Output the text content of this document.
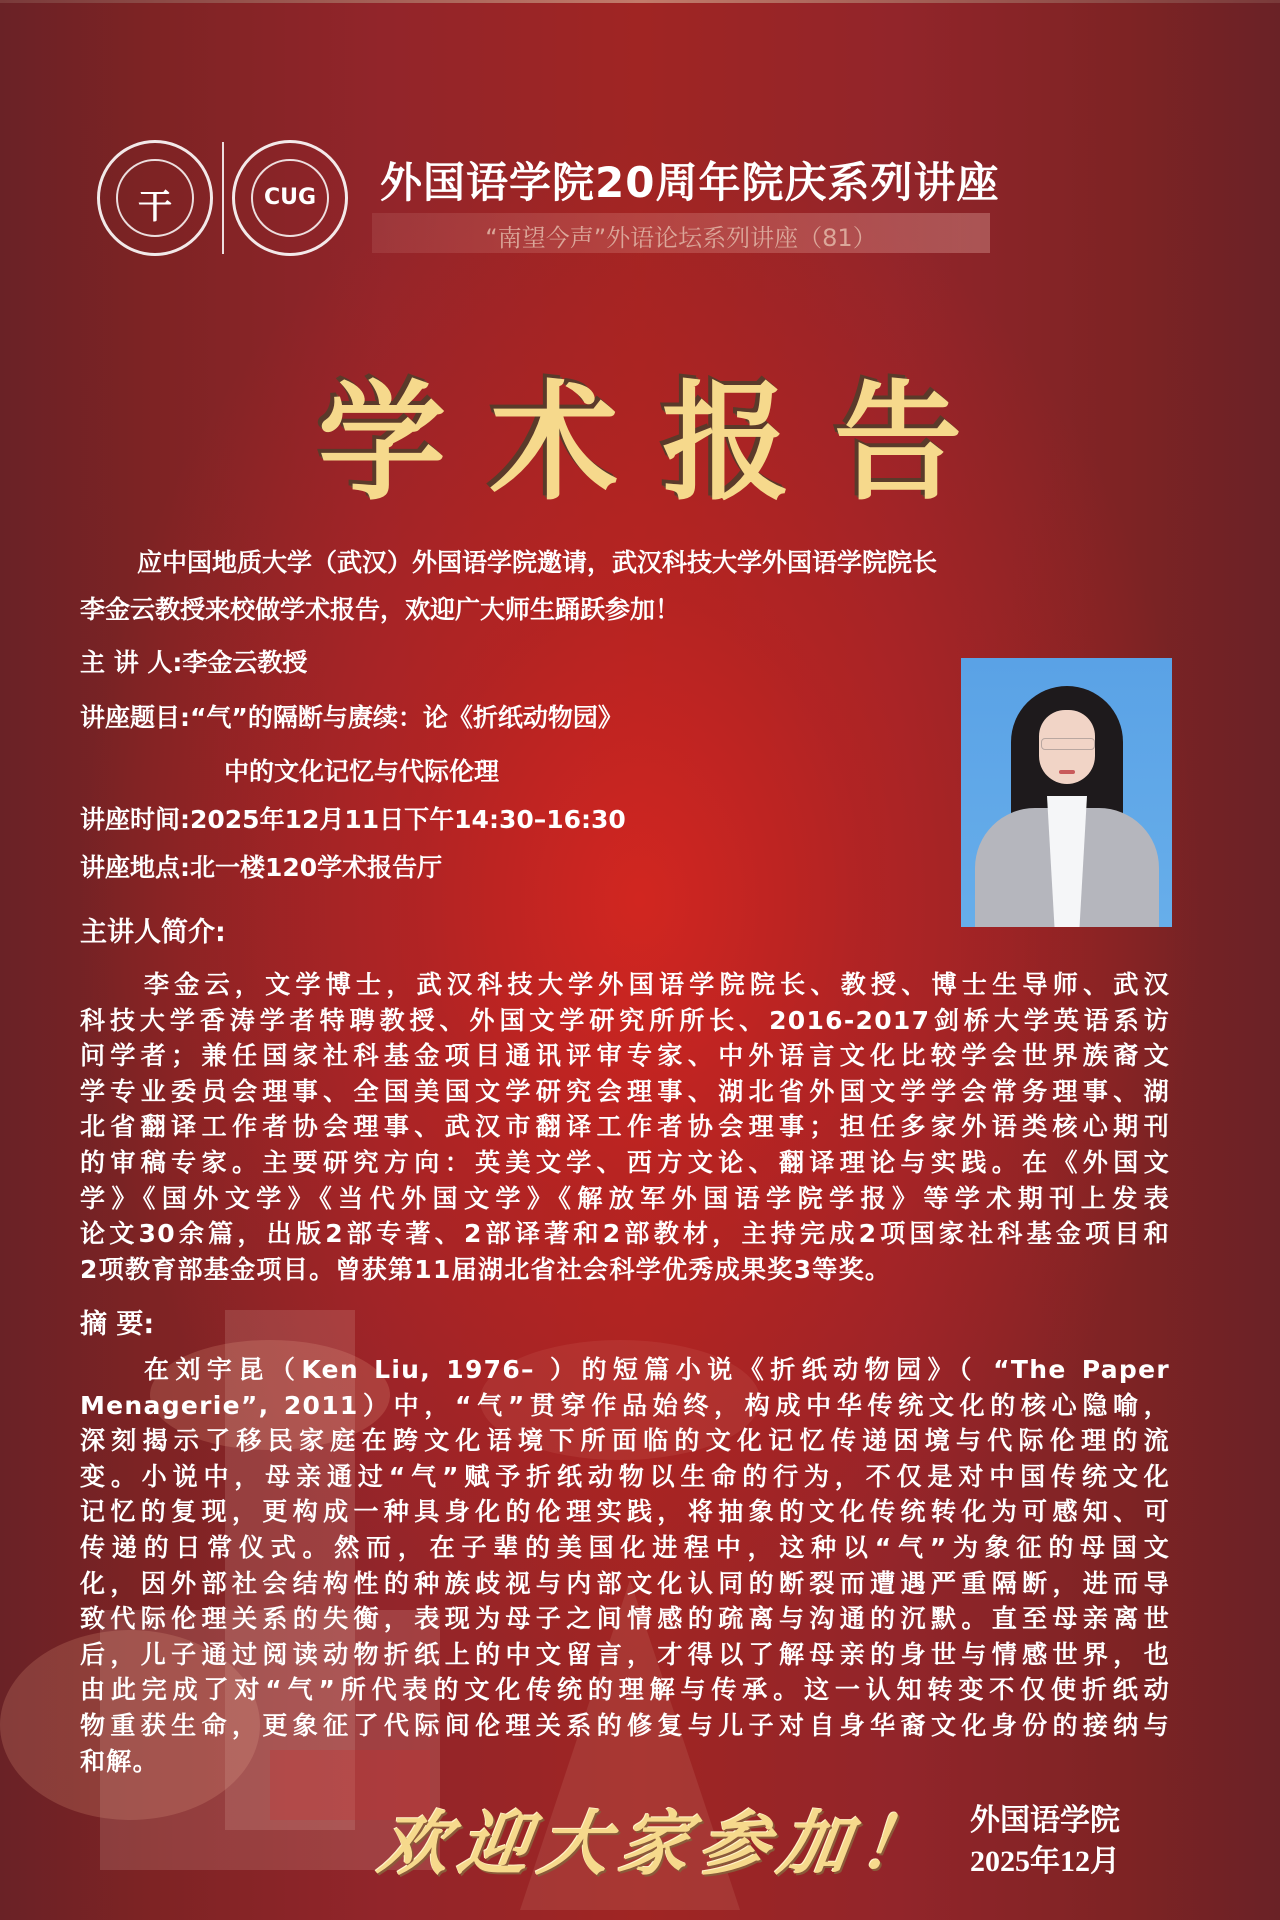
干	CUG	外国语学院20周年院庆系列讲座
“南望今声”外语论坛系列讲座（81）
学术报告
应中国地质大学（武汉）外国语学院邀请，武汉科技大学外国语学院院长
李金云教授来校做学术报告，欢迎广大师生踊跃参加！
主 讲 人:李金云教授
讲座题目:“气”的隔断与赓续：论《折纸动物园》
中的文化记忆与代际伦理
讲座时间:2025年12月11日下午14:30–16:30
讲座地点:北一楼120学术报告厅
主讲人简介:
李金云，文学博士，武汉科技大学外国语学院院长、教授、博士生导师、武汉
科技大学香涛学者特聘教授、外国文学研究所所长、2016-2017剑桥大学英语系访
问学者；兼任国家社科基金项目通讯评审专家、中外语言文化比较学会世界族裔文
学专业委员会理事、全国美国文学研究会理事、湖北省外国文学学会常务理事、湖
北省翻译工作者协会理事、武汉市翻译工作者协会理事；担任多家外语类核心期刊
的审稿专家。主要研究方向：英美文学、西方文论、翻译理论与实践。在《外国文
学》《国外文学》《当代外国文学》《解放军外国语学院学报》等学术期刊上发表
论文30余篇，出版2部专著、2部译著和2部教材，主持完成2项国家社科基金项目和
2项教育部基金项目。曾获第11届湖北省社会科学优秀成果奖3等奖。
摘 要:
在刘宇昆（Ken Liu, 1976– ）的短篇小说《折纸动物园》（ “The Paper
Menagerie”, 2011）中，“气”贯穿作品始终，构成中华传统文化的核心隐喻，
深刻揭示了移民家庭在跨文化语境下所面临的文化记忆传递困境与代际伦理的流
变。小说中，母亲通过“气”赋予折纸动物以生命的行为，不仅是对中国传统文化
记忆的复现，更构成一种具身化的伦理实践，将抽象的文化传统转化为可感知、可
传递的日常仪式。然而，在子辈的美国化进程中，这种以“气”为象征的母国文
化，因外部社会结构性的种族歧视与内部文化认同的断裂而遭遇严重隔断，进而导
致代际伦理关系的失衡，表现为母子之间情感的疏离与沟通的沉默。直至母亲离世
后，儿子通过阅读动物折纸上的中文留言，才得以了解母亲的身世与情感世界，也
由此完成了对“气”所代表的文化传统的理解与传承。这一认知转变不仅使折纸动
物重获生命，更象征了代际间伦理关系的修复与儿子对自身华裔文化身份的接纳与
和解。
欢迎大家参加！ 外国语学院
2025年12月
